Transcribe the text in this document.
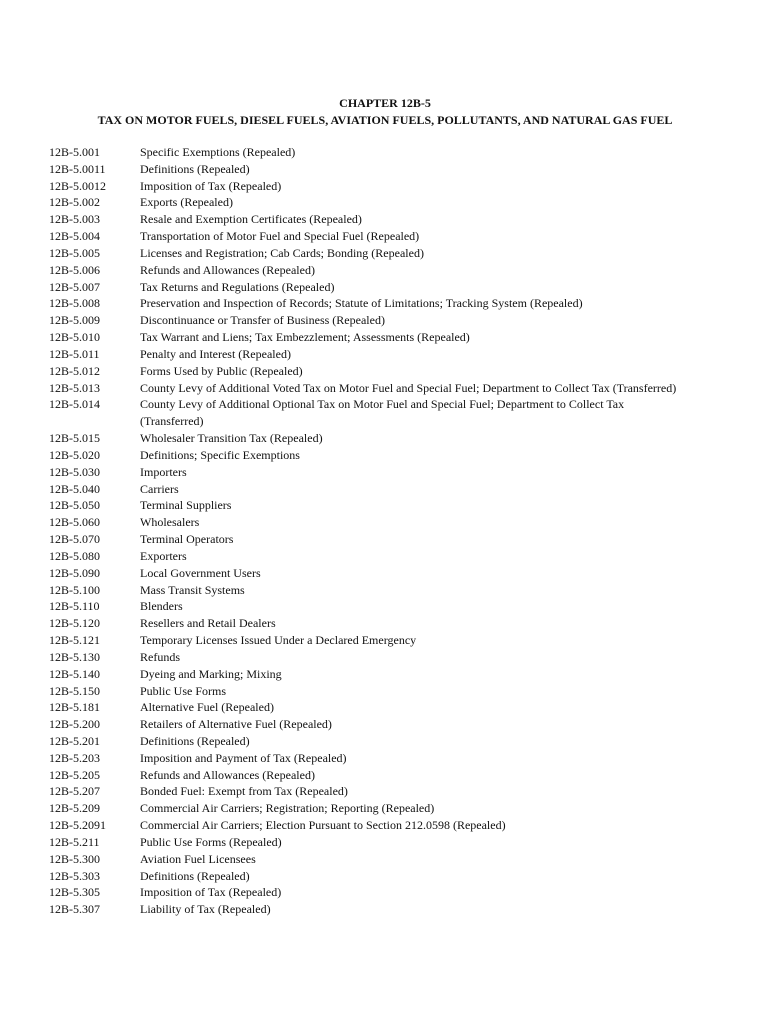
CHAPTER 12B-5
TAX ON MOTOR FUELS, DIESEL FUELS, AVIATION FUELS, POLLUTANTS, AND NATURAL GAS FUEL
12B-5.001	Specific Exemptions (Repealed)
12B-5.0011	Definitions (Repealed)
12B-5.0012	Imposition of Tax (Repealed)
12B-5.002	Exports (Repealed)
12B-5.003	Resale and Exemption Certificates (Repealed)
12B-5.004	Transportation of Motor Fuel and Special Fuel (Repealed)
12B-5.005	Licenses and Registration; Cab Cards; Bonding (Repealed)
12B-5.006	Refunds and Allowances (Repealed)
12B-5.007	Tax Returns and Regulations (Repealed)
12B-5.008	Preservation and Inspection of Records; Statute of Limitations; Tracking System (Repealed)
12B-5.009	Discontinuance or Transfer of Business (Repealed)
12B-5.010	Tax Warrant and Liens; Tax Embezzlement; Assessments (Repealed)
12B-5.011	Penalty and Interest (Repealed)
12B-5.012	Forms Used by Public (Repealed)
12B-5.013	County Levy of Additional Voted Tax on Motor Fuel and Special Fuel; Department to Collect Tax (Transferred)
12B-5.014	County Levy of Additional Optional Tax on Motor Fuel and Special Fuel; Department to Collect Tax
(Transferred)
12B-5.015	Wholesaler Transition Tax (Repealed)
12B-5.020	Definitions; Specific Exemptions
12B-5.030	Importers
12B-5.040	Carriers
12B-5.050	Terminal Suppliers
12B-5.060	Wholesalers
12B-5.070	Terminal Operators
12B-5.080	Exporters
12B-5.090	Local Government Users
12B-5.100	Mass Transit Systems
12B-5.110	Blenders
12B-5.120	Resellers and Retail Dealers
12B-5.121	Temporary Licenses Issued Under a Declared Emergency
12B-5.130	Refunds
12B-5.140	Dyeing and Marking; Mixing
12B-5.150	Public Use Forms
12B-5.181	Alternative Fuel (Repealed)
12B-5.200	Retailers of Alternative Fuel (Repealed)
12B-5.201	Definitions (Repealed)
12B-5.203	Imposition and Payment of Tax (Repealed)
12B-5.205	Refunds and Allowances (Repealed)
12B-5.207	Bonded Fuel: Exempt from Tax (Repealed)
12B-5.209	Commercial Air Carriers; Registration; Reporting (Repealed)
12B-5.2091	Commercial Air Carriers; Election Pursuant to Section 212.0598 (Repealed)
12B-5.211	Public Use Forms (Repealed)
12B-5.300	Aviation Fuel Licensees
12B-5.303	Definitions (Repealed)
12B-5.305	Imposition of Tax (Repealed)
12B-5.307	Liability of Tax (Repealed)
